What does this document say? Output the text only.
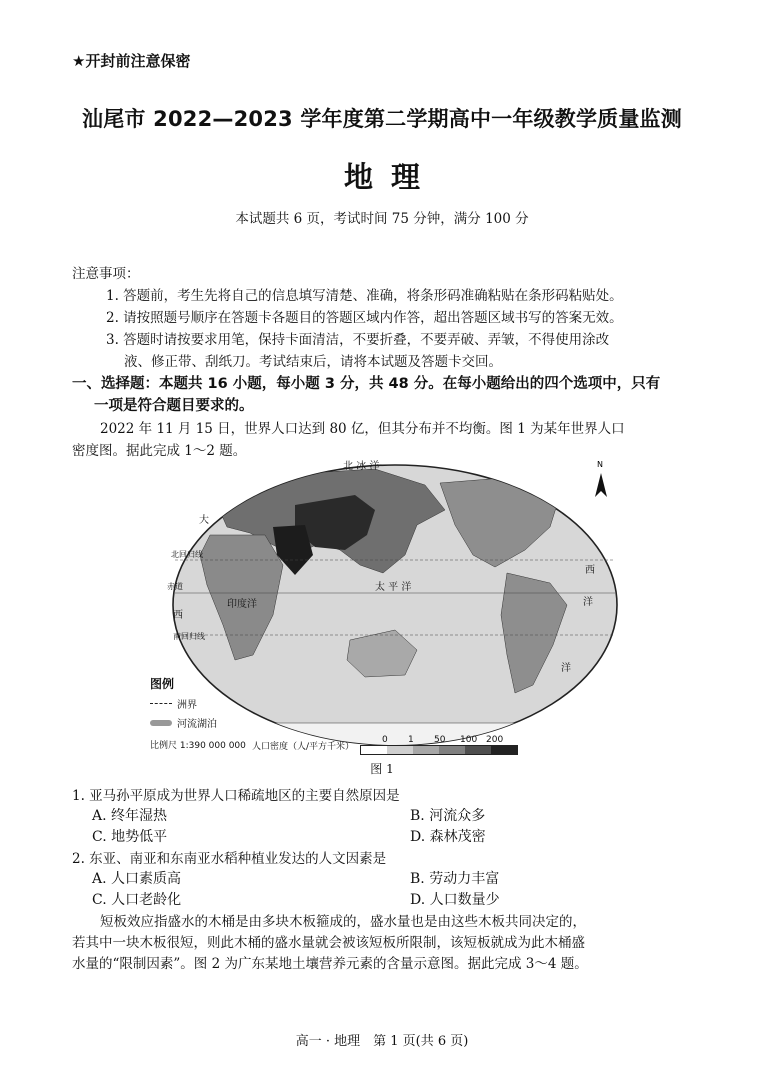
★开封前注意保密
汕尾市 2022—2023 学年度第二学期高中一年级教学质量监测
地理
本试题共 6 页，考试时间 75 分钟，满分 100 分
注意事项：
1. 答题前，考生先将自己的信息填写清楚、准确，将条形码准确粘贴在条形码粘贴处。
2. 请按照题号顺序在答题卡各题目的答题区域内作答，超出答题区域书写的答案无效。
3. 答题时请按要求用笔，保持卡面清洁，不要折叠，不要弄破、弄皱，不得使用涂改
液、修正带、刮纸刀。考试结束后，请将本试题及答题卡交回。
一、选择题：本题共 16 小题，每小题 3 分，共 48 分。在每小题给出的四个选项中，只有
一项是符合题目要求的。
2022 年 11 月 15 日，世界人口达到 80 亿，但其分布并不均衡。图 1 为某年世界人口
密度图。据此完成 1～2 题。
北 冰 洋
太 平 洋
印度洋
赤道
北回归线
南回归线
大
西
西
洋
洋
N
图例
洲界
河流湖泊
比例尺 1:390 000 000 人口密度（人/平方千米）
0	1	50	100 200
图 1
1. 亚马孙平原成为世界人口稀疏地区的主要自然原因是
A. 终年湿热	B. 河流众多
C. 地势低平	D. 森林茂密
2. 东亚、南亚和东南亚水稻种植业发达的人文因素是
A. 人口素质高	B. 劳动力丰富
C. 人口老龄化	D. 人口数量少
短板效应指盛水的木桶是由多块木板箍成的，盛水量也是由这些木板共同决定的，
若其中一块木板很短，则此木桶的盛水量就会被该短板所限制，该短板就成为此木桶盛
水量的“限制因素”。图 2 为广东某地土壤营养元素的含量示意图。据此完成 3～4 题。
高一 · 地理　第 1 页(共 6 页)
